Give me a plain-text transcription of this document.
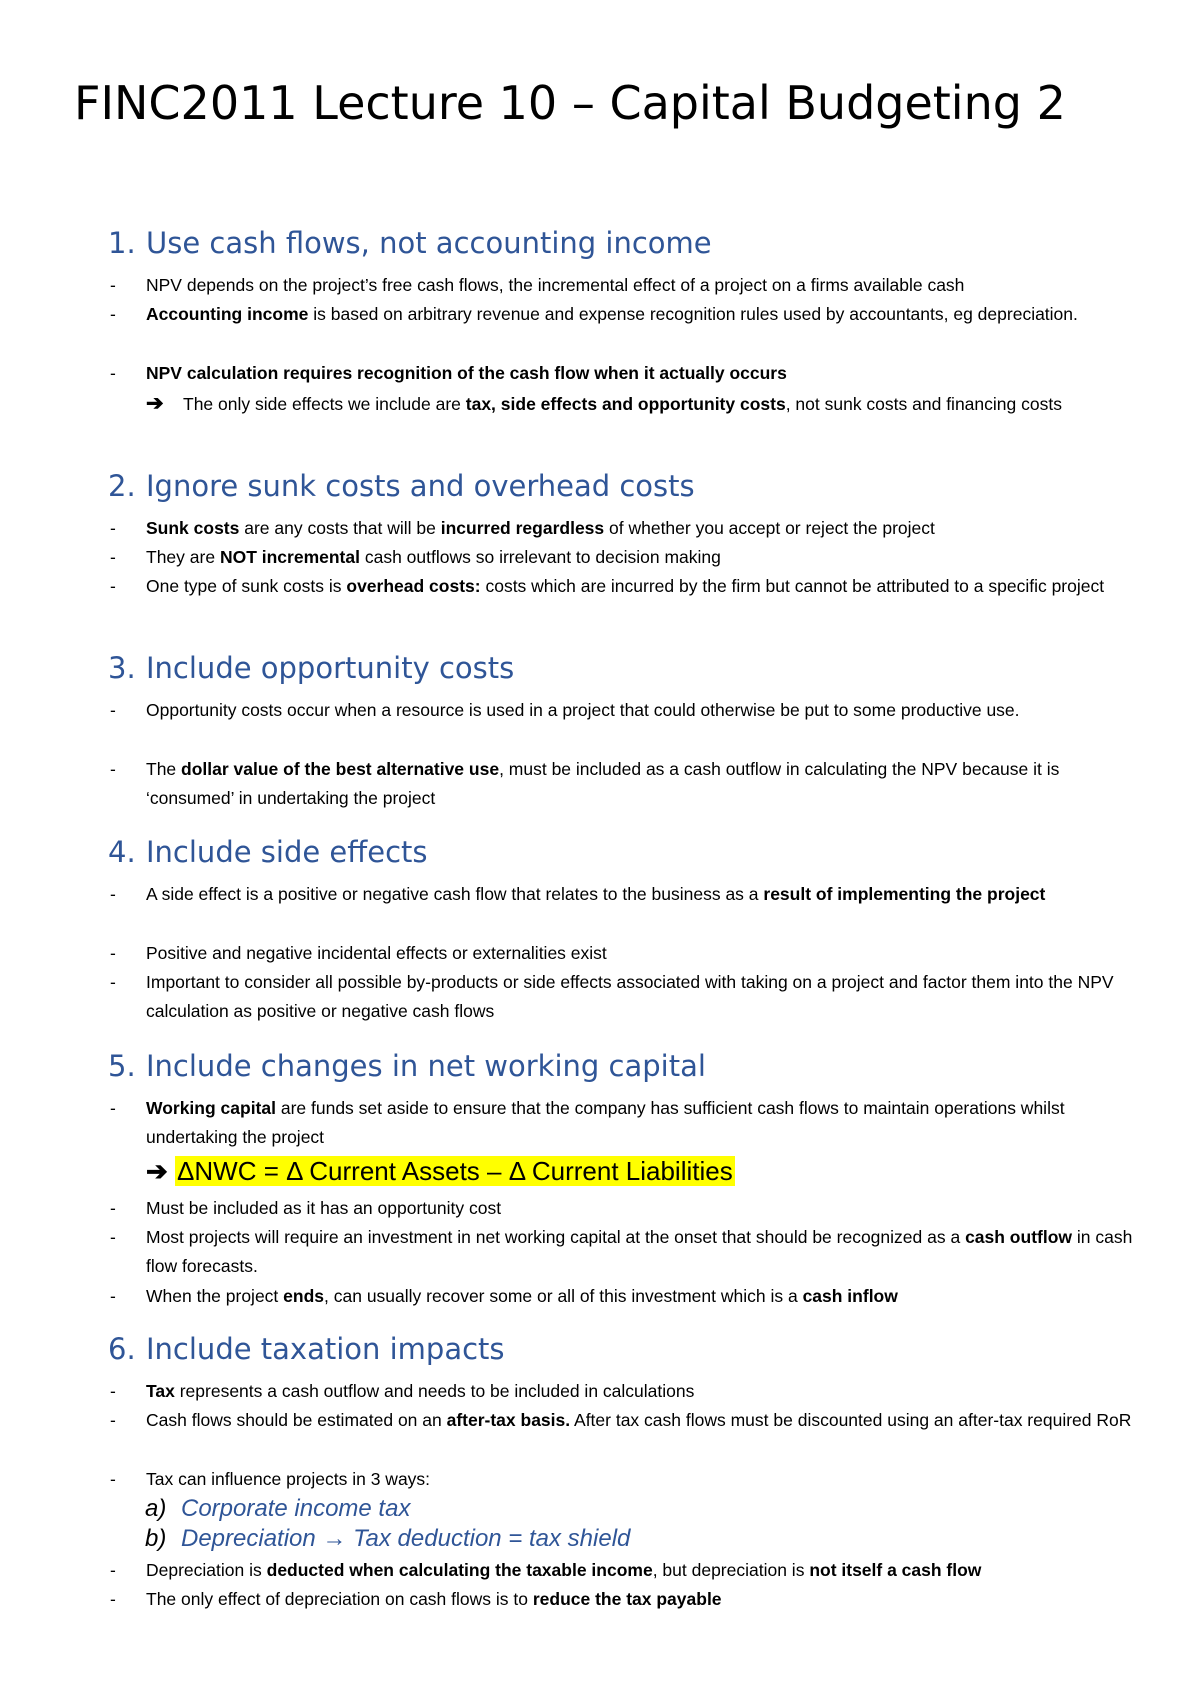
FINC2011 Lecture 10 – Capital Budgeting 2
1. Use cash flows, not accounting income
- NPV depends on the project’s free cash flows, the incremental effect of a project on a firms available cash
- Accounting income is based on arbitrary revenue and expense recognition rules used by accountants, eg depreciation.
- NPV calculation requires recognition of the cash flow when it actually occurs
➔ The only side effects we include are tax, side effects and opportunity costs, not sunk costs and financing costs
2. Ignore sunk costs and overhead costs
- Sunk costs are any costs that will be incurred regardless of whether you accept or reject the project
- They are NOT incremental cash outflows so irrelevant to decision making
- One type of sunk costs is overhead costs: costs which are incurred by the firm but cannot be attributed to a specific project
3. Include opportunity costs
- Opportunity costs occur when a resource is used in a project that could otherwise be put to some productive use.
- The dollar value of the best alternative use, must be included as a cash outflow in calculating the NPV because it is ‘consumed’ in undertaking the project
4. Include side effects
- A side effect is a positive or negative cash flow that relates to the business as a result of implementing the project
- Positive and negative incidental effects or externalities exist
- Important to consider all possible by-products or side effects associated with taking on a project and factor them into the NPV calculation as positive or negative cash flows
5. Include changes in net working capital
- Working capital are funds set aside to ensure that the company has sufficient cash flows to maintain operations whilst undertaking the project
➔ ΔNWC = Δ Current Assets – Δ Current Liabilities
- Must be included as it has an opportunity cost
- Most projects will require an investment in net working capital at the onset that should be recognized as a cash outflow in cash flow forecasts.
- When the project ends, can usually recover some or all of this investment which is a cash inflow
6. Include taxation impacts
- Tax represents a cash outflow and needs to be included in calculations
- Cash flows should be estimated on an after-tax basis. After tax cash flows must be discounted using an after-tax required RoR
- Tax can influence projects in 3 ways:
a) Corporate income tax
b) Depreciation → Tax deduction = tax shield
- Depreciation is deducted when calculating the taxable income, but depreciation is not itself a cash flow
- The only effect of depreciation on cash flows is to reduce the tax payable
